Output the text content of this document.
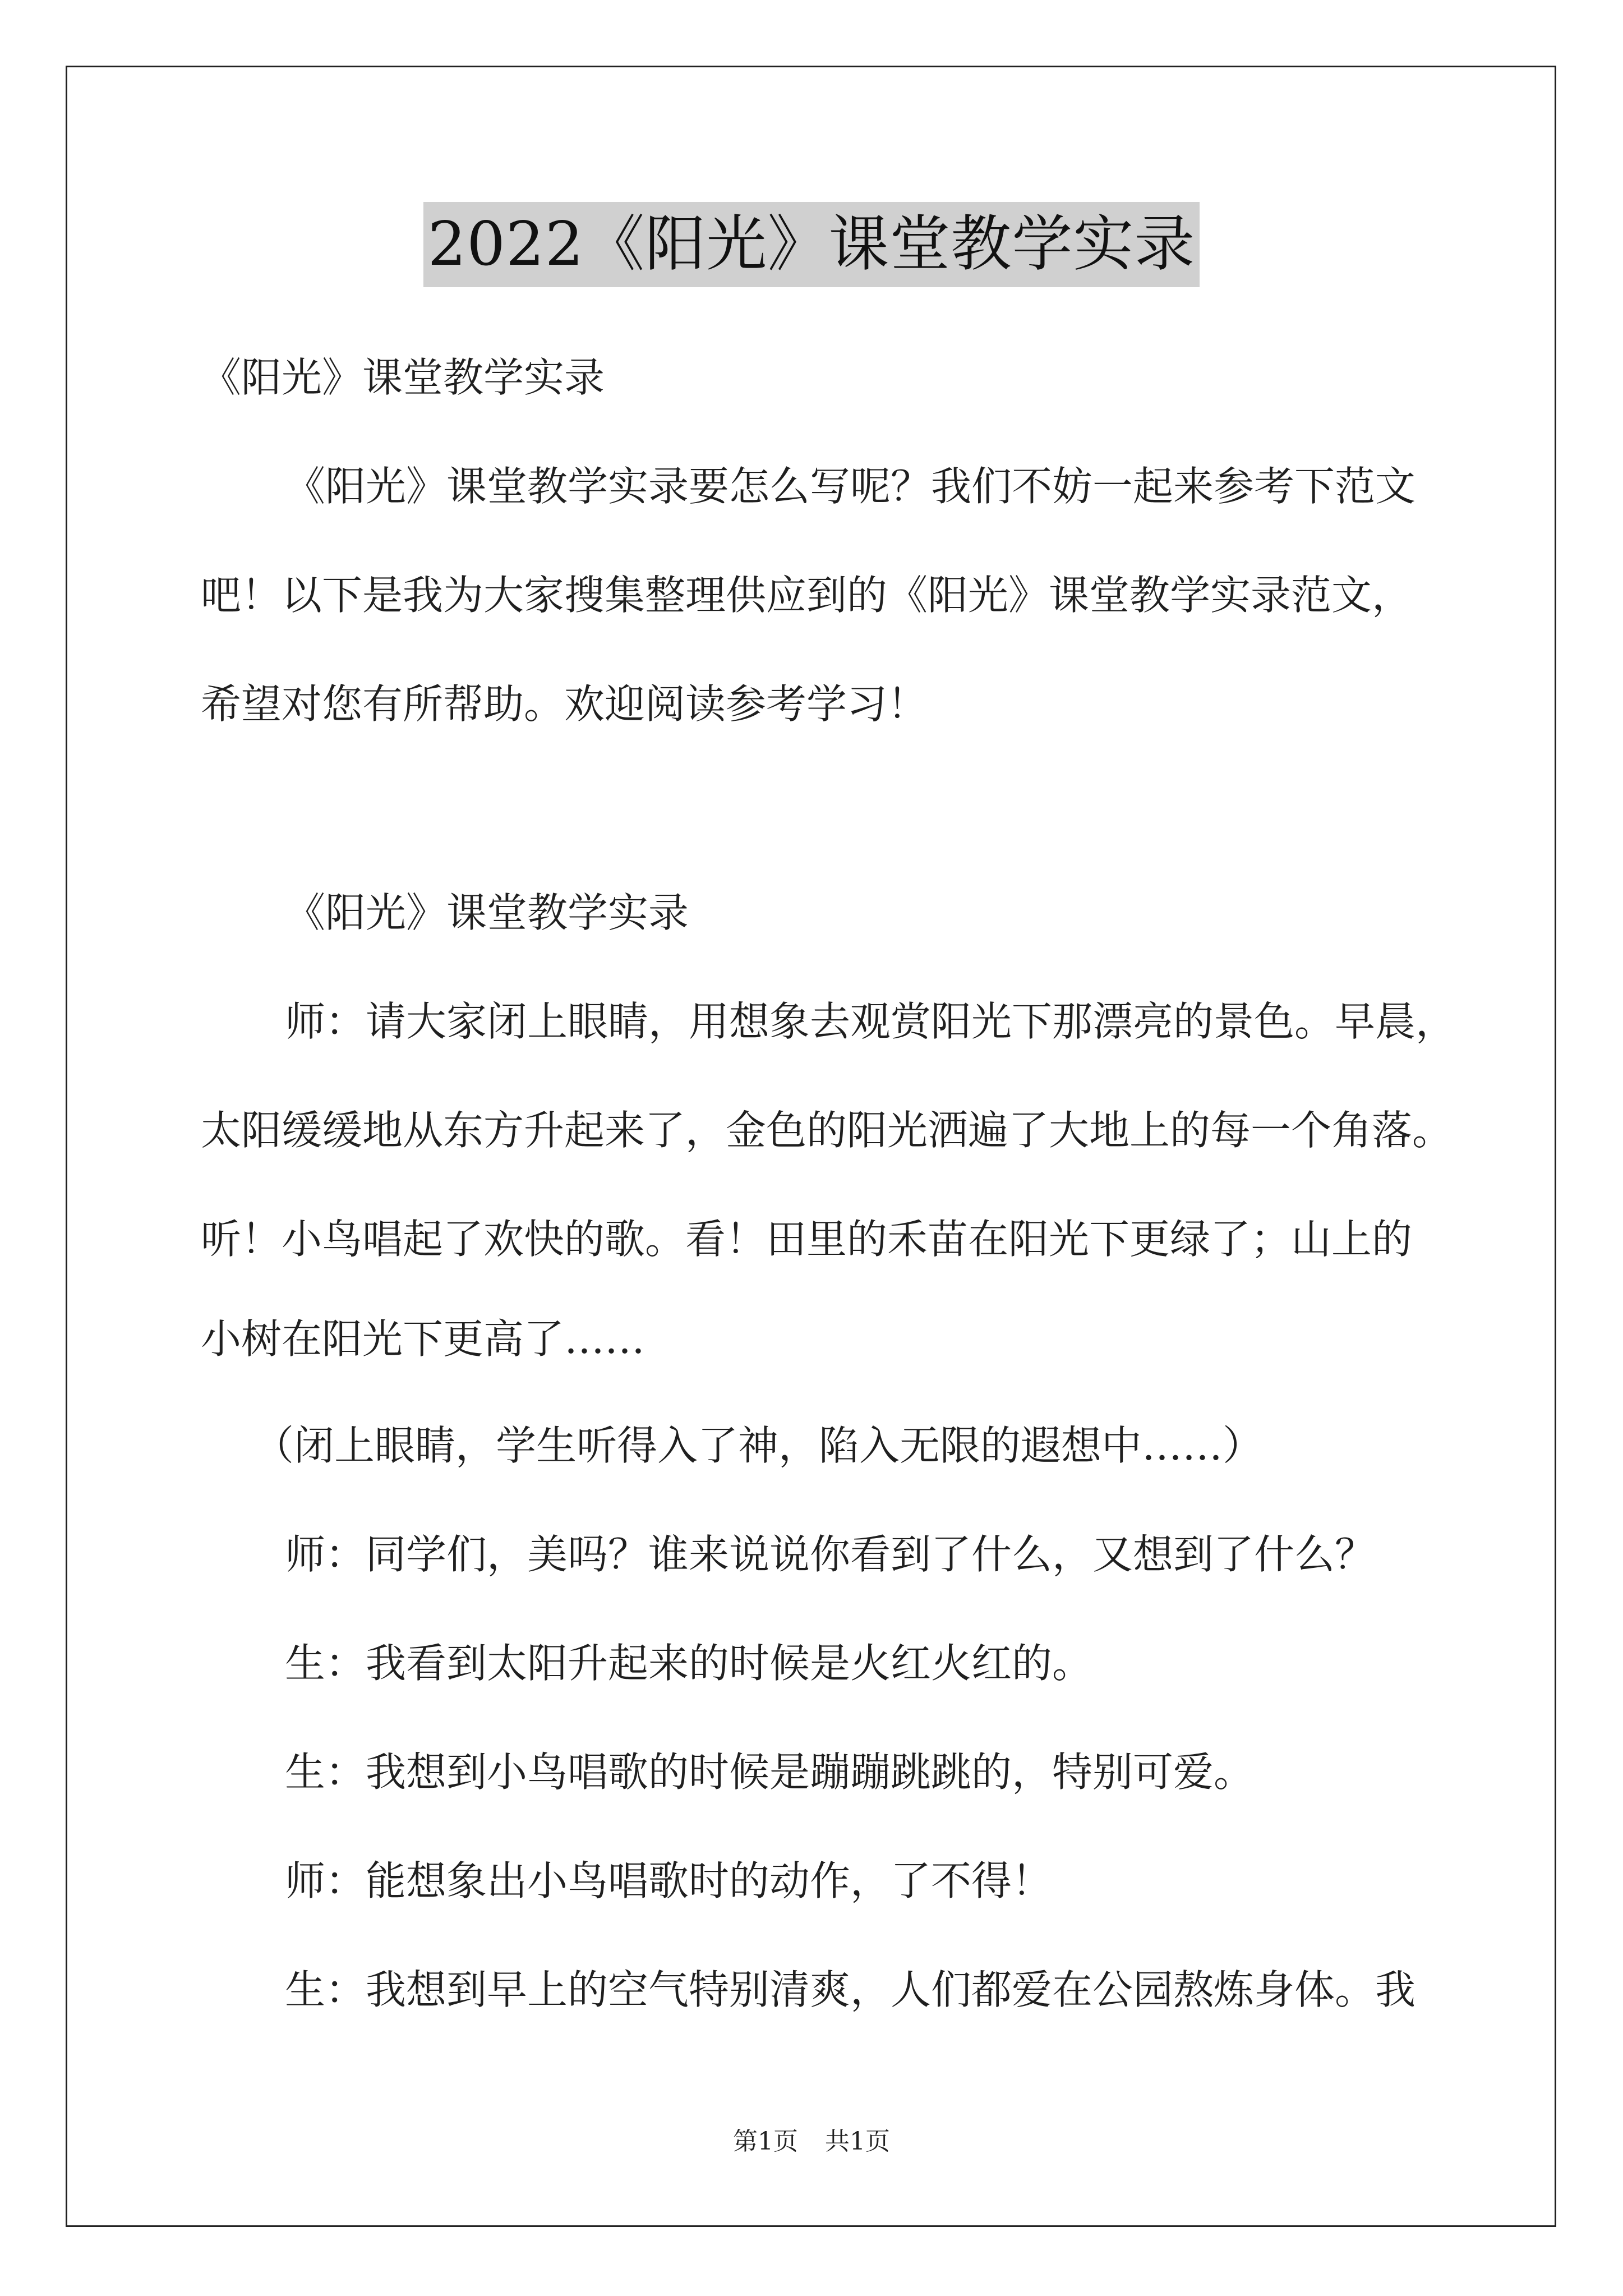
2022《阳光》课堂教学实录
《阳光》课堂教学实录
《阳光》课堂教学实录要怎么写呢？我们不妨一起来参考下范文
吧！以下是我为大家搜集整理供应到的《阳光》课堂教学实录范文，
希望对您有所帮助。欢迎阅读参考学习！
《阳光》课堂教学实录
师：请大家闭上眼睛，用想象去观赏阳光下那漂亮的景色。早晨，
太阳缓缓地从东方升起来了，金色的阳光洒遍了大地上的每一个角落。
听！小鸟唱起了欢快的歌。看！田里的禾苗在阳光下更绿了；山上的
小树在阳光下更高了……
（闭上眼睛，学生听得入了神，陷入无限的遐想中……）
师：同学们，美吗？谁来说说你看到了什么，又想到了什么？
生：我看到太阳升起来的时候是火红火红的。
生：我想到小鸟唱歌的时候是蹦蹦跳跳的，特别可爱。
师：能想象出小鸟唱歌时的动作，了不得！
生：我想到早上的空气特别清爽，人们都爱在公园熬炼身体。我
第1页 共1页
